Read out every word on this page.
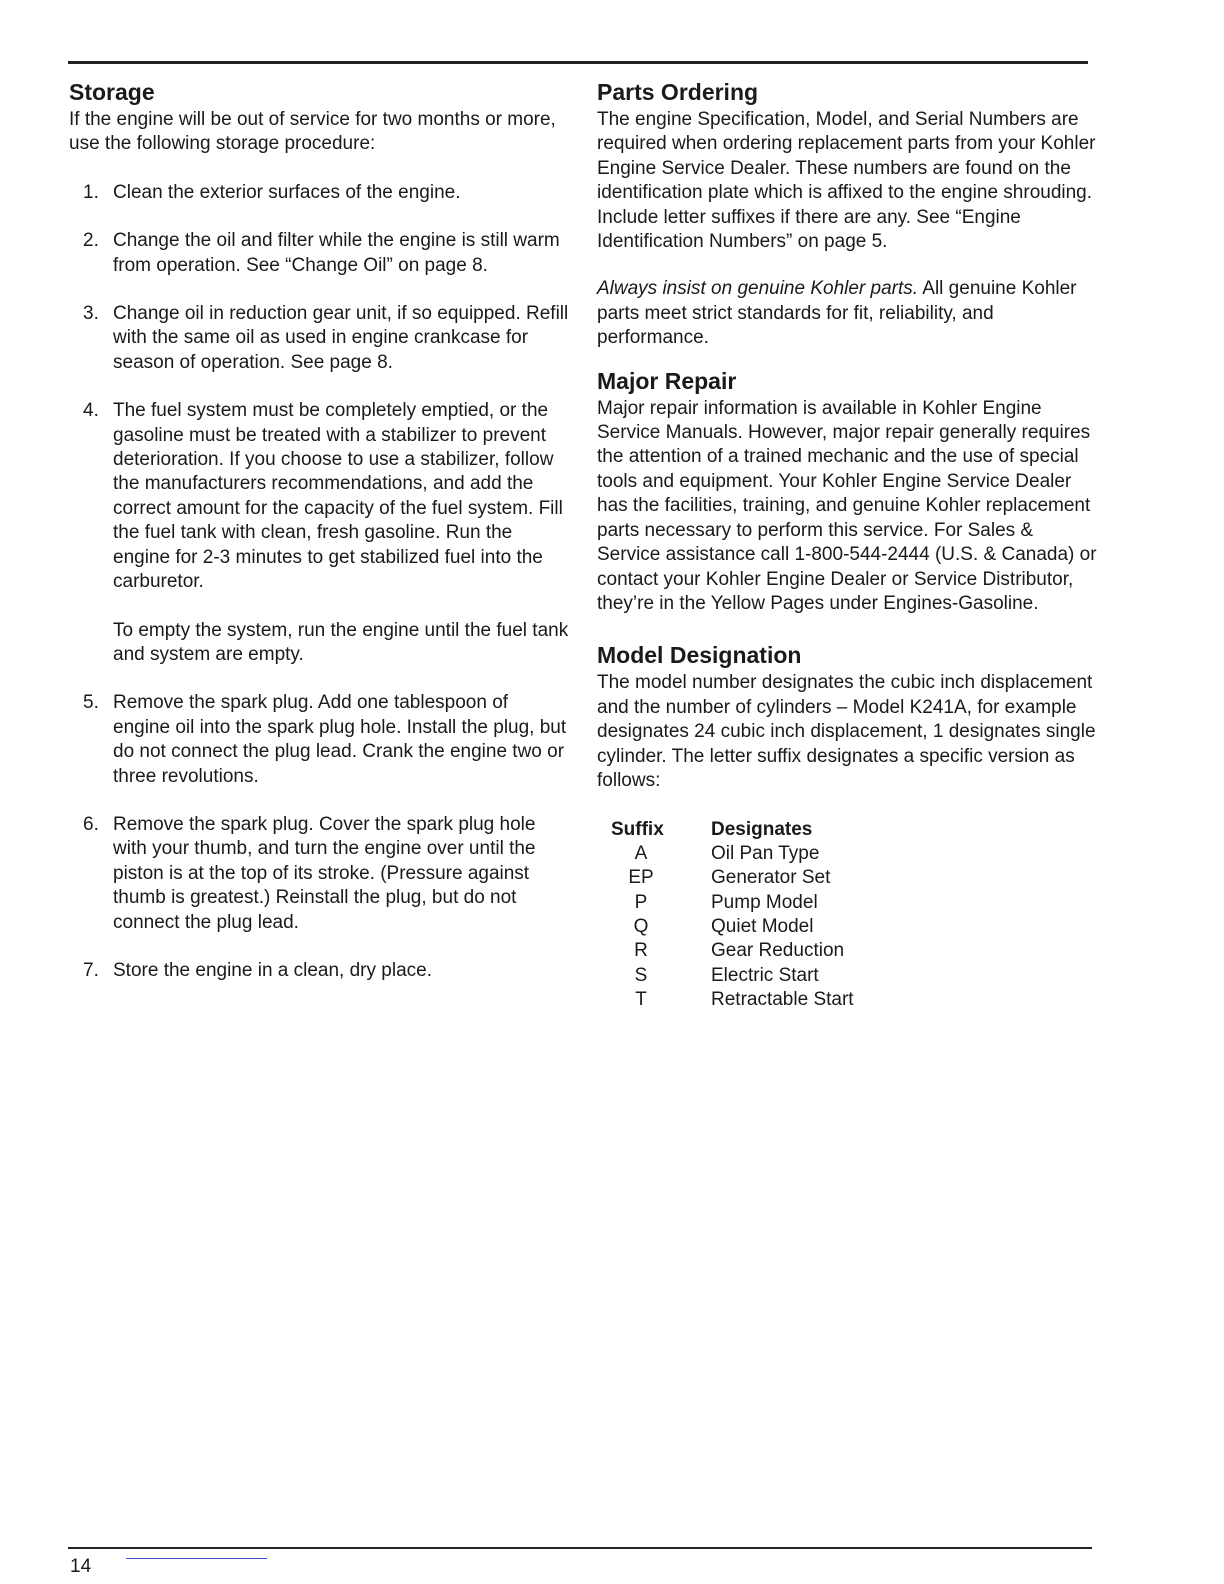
Storage

If the engine will be out of service for two months or more, use the following storage procedure:

1. Clean the exterior surfaces of the engine.
2. Change the oil and filter while the engine is still warm from operation. See “Change Oil” on page 8.
3. Change oil in reduction gear unit, if so equipped. Refill with the same oil as used in engine crankcase for season of operation. See page 8.
4. The fuel system must be completely emptied, or the gasoline must be treated with a stabilizer to prevent deterioration. If you choose to use a stabilizer, follow the manufacturers recommendations, and add the correct amount for the capacity of the fuel system. Fill the fuel tank with clean, fresh gasoline. Run the engine for 2-3 minutes to get stabilized fuel into the carburetor.

To empty the system, run the engine until the fuel tank and system are empty.

5. Remove the spark plug. Add one tablespoon of engine oil into the spark plug hole. Install the plug, but do not connect the plug lead. Crank the engine two or three revolutions.
6. Remove the spark plug. Cover the spark plug hole with your thumb, and turn the engine over until the piston is at the top of its stroke. (Pressure against thumb is greatest.) Reinstall the plug, but do not connect the plug lead.
7. Store the engine in a clean, dry place.
Parts Ordering

The engine Specification, Model, and Serial Numbers are required when ordering replacement parts from your Kohler Engine Service Dealer. These numbers are found on the identification plate which is affixed to the engine shrouding. Include letter suffixes if there are any. See “Engine Identification Numbers” on page 5.

Always insist on genuine Kohler parts. All genuine Kohler parts meet strict standards for fit, reliability, and performance.

Major Repair

Major repair information is available in Kohler Engine Service Manuals. However, major repair generally requires the attention of a trained mechanic and the use of special tools and equipment. Your Kohler Engine Service Dealer has the facilities, training, and genuine Kohler replacement parts necessary to perform this service. For Sales & Service assistance call 1-800-544-2444 (U.S. & Canada) or contact your Kohler Engine Dealer or Service Distributor, they’re in the Yellow Pages under Engines-Gasoline.

Model Designation

The model number designates the cubic inch displacement and the number of cylinders – Model K241A, for example designates 24 cubic inch displacement, 1 designates single cylinder. The letter suffix designates a specific version as follows:

Suffix	Designates
A	Oil Pan Type
EP	Generator Set
P	Pump Model
Q	Quiet Model
R	Gear Reduction
S	Electric Start
T	Retractable Start
14
